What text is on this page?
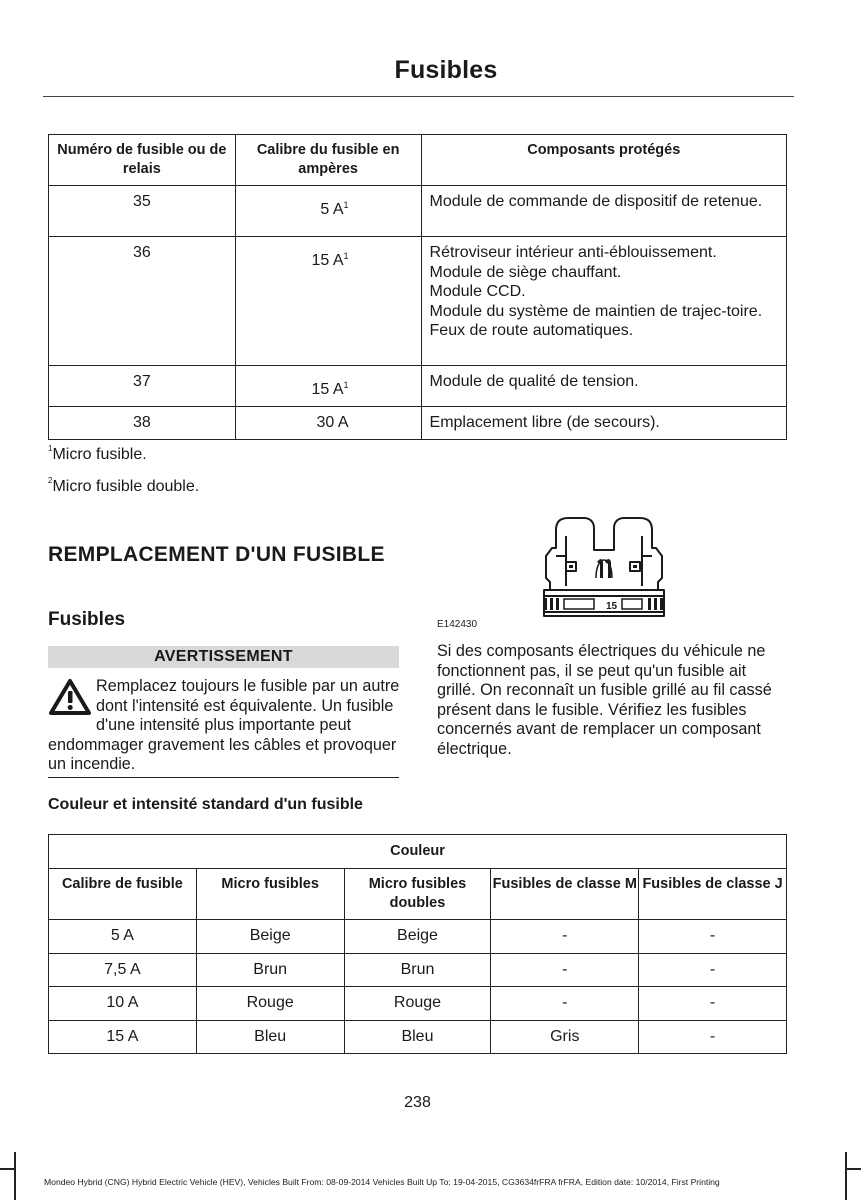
Fusibles
Numéro de fusible ou de relais	Calibre du fusible en ampères	Composants protégés
35	5 $A^1$	Module de commande de dispositif de retenue.
36	15 $A^1$	Rétroviseur intérieur anti-éblouissement.
Module de siège chauffant.
Module CCD.
Module du système de maintien de trajec-toire.
Feux de route automatiques.

37	15 $A^1$	Module de qualité de tension.
38	30 A	Emplacement libre (de secours).
$^1$Micro fusible.
$^2$Micro fusible double.
REMPLACEMENT D'UN FUSIBLE
Fusibles
AVERTISSEMENT
Remplacez toujours le fusible par un autre dont l'intensité est équivalente. Un fusible d'une intensité plus importante peut endommager gravement les câbles et provoquer un incendie.
15
E142430
Si des composants électriques du véhicule ne fonctionnent pas, il se peut qu'un fusible ait grillé. On reconnaît un fusible grillé au fil cassé présent dans le fusible. Vérifiez les fusibles concernés avant de remplacer un composant électrique.
Couleur et intensité standard d'un fusible
Couleur				
Calibre de fusible	Micro fusibles	Micro fusibles doubles	Fusibles de classe M	Fusibles de classe J
5 A	Beige	Beige	-	-
7,5 A	Brun	Brun	-	-
10 A	Rouge	Rouge	-	-
15 A	Bleu	Bleu	Gris	-
238
Mondeo Hybrid (CNG) Hybrid Electric Vehicle (HEV), Vehicles Built From: 08-09-2014 Vehicles Built Up To: 19-04-2015, CG3634frFRA frFRA, Edition date: 10/2014, First Printing
